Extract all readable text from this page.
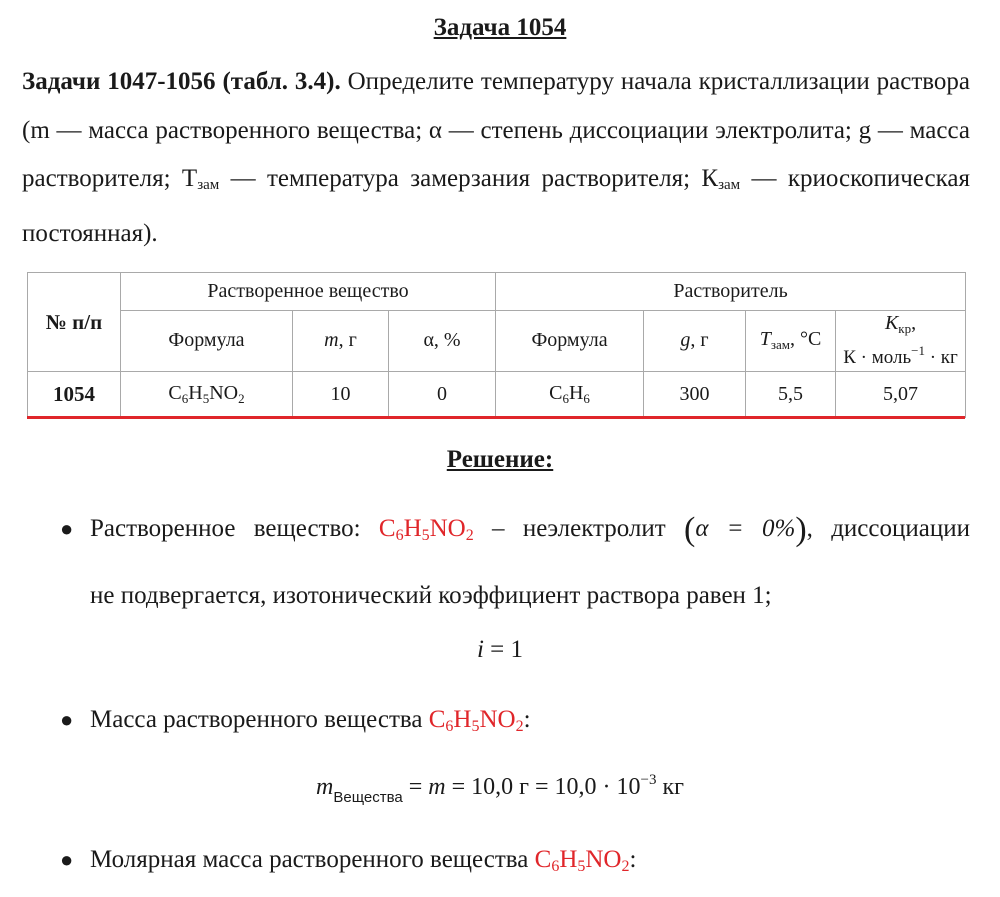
Задача 1054
Задачи 1047-1056 (табл. 3.4). Определите температуру начала кристаллизации раствора (m — масса растворенного вещества; α — степень диссоциации электролита; g — масса растворителя; $Т_{зам}$ — температура замерзания растворителя; $К_{зам}$ — криоскопическая постоянная).
№ п/п	Растворенное вещество			Растворитель			
	Формула	m, г	α, %	Формула	g, г	$T_{зам}$, °С	$K_{кр}$,
К · моль$^{-1}$ · кг

1054	$C_6H_5NO_2$	10	0	$C_6H_6$	300	5,5	5,07
Решение:
● Растворенное вещество: C6H5NO2 – неэлектролит (α = 0%), диссоциации
не подвергается, изотонический коэффициент раствора равен 1;
i = 1
● Масса растворенного вещества C6H5NO2:
$m_{Вещества} = m = 10,0$ $г = 10,0 \cdot 10^{-3}$ кг
● Молярная масса растворенного вещества C6H5NO2:
